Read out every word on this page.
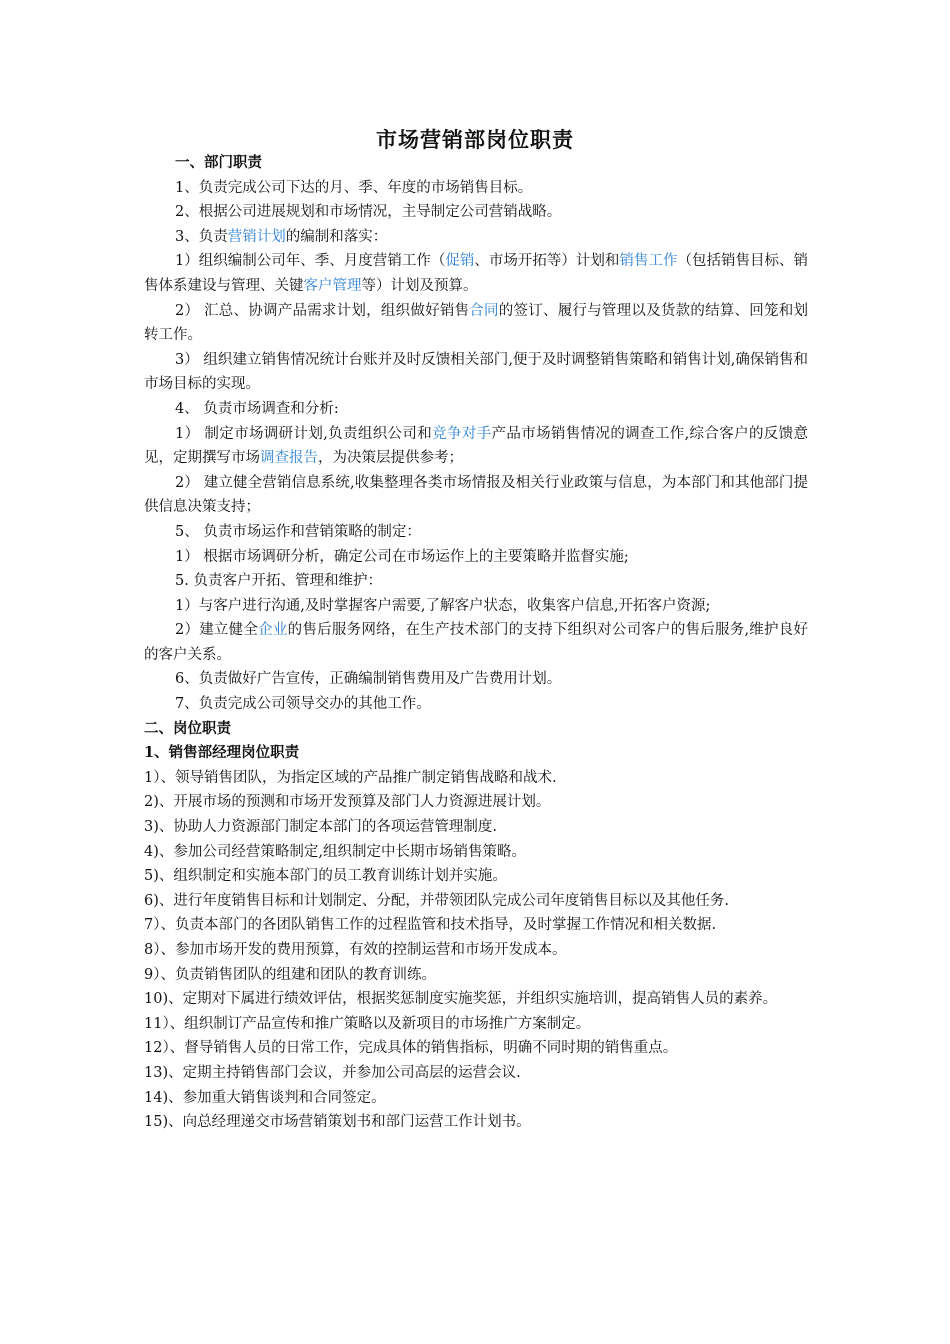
市场营销部岗位职责

一、部门职责

1、负责完成公司下达的月、季、年度的市场销售目标。

2、根据公司进展规划和市场情况，主导制定公司营销战略。

3、负责营销计划的编制和落实：

1）组织编制公司年、季、月度营销工作（促销、市场开拓等）计划和销售工作（包括销售目标、销售体系建设与管理、关键客户管理等）计划及预算。

2） 汇总、协调产品需求计划，组织做好销售合同的签订、履行与管理以及货款的结算、回笼和划转工作。

3） 组织建立销售情况统计台账并及时反馈相关部门,便于及时调整销售策略和销售计划,确保销售和市场目标的实现。

4、 负责市场调查和分析:

1） 制定市场调研计划,负责组织公司和竞争对手产品市场销售情况的调查工作,综合客户的反馈意见，定期撰写市场调查报告，为决策层提供参考；

2） 建立健全营销信息系统,收集整理各类市场情报及相关行业政策与信息，为本部门和其他部门提供信息决策支持；

5、 负责市场运作和营销策略的制定：

1） 根据市场调研分析，确定公司在市场运作上的主要策略并监督实施;

5. 负责客户开拓、管理和维护：

1）与客户进行沟通,及时掌握客户需要,了解客户状态，收集客户信息,开拓客户资源;

2）建立健全企业的售后服务网络，在生产技术部门的支持下组织对公司客户的售后服务,维护良好的客户关系。

6、负责做好广告宣传，正确编制销售费用及广告费用计划。

7、负责完成公司领导交办的其他工作。

二、岗位职责

1、销售部经理岗位职责

1）、领导销售团队，为指定区域的产品推广制定销售战略和战术.

2)、开展市场的预测和市场开发预算及部门人力资源进展计划。

3)、协助人力资源部门制定本部门的各项运营管理制度.

4)、参加公司经营策略制定,组织制定中长期市场销售策略。

5)、组织制定和实施本部门的员工教育训练计划并实施。

6)、进行年度销售目标和计划制定、分配，并带领团队完成公司年度销售目标以及其他任务.

7）、负责本部门的各团队销售工作的过程监管和技术指导，及时掌握工作情况和相关数据.

8）、参加市场开发的费用预算，有效的控制运营和市场开发成本。

9）、负责销售团队的组建和团队的教育训练。

10)、定期对下属进行绩效评估，根据奖惩制度实施奖惩，并组织实施培训，提高销售人员的素养。

11）、组织制订产品宣传和推广策略以及新项目的市场推广方案制定。

12）、督导销售人员的日常工作，完成具体的销售指标，明确不同时期的销售重点。

13)、定期主持销售部门会议，并参加公司高层的运营会议.

14)、参加重大销售谈判和合同签定。

15)、向总经理递交市场营销策划书和部门运营工作计划书。
